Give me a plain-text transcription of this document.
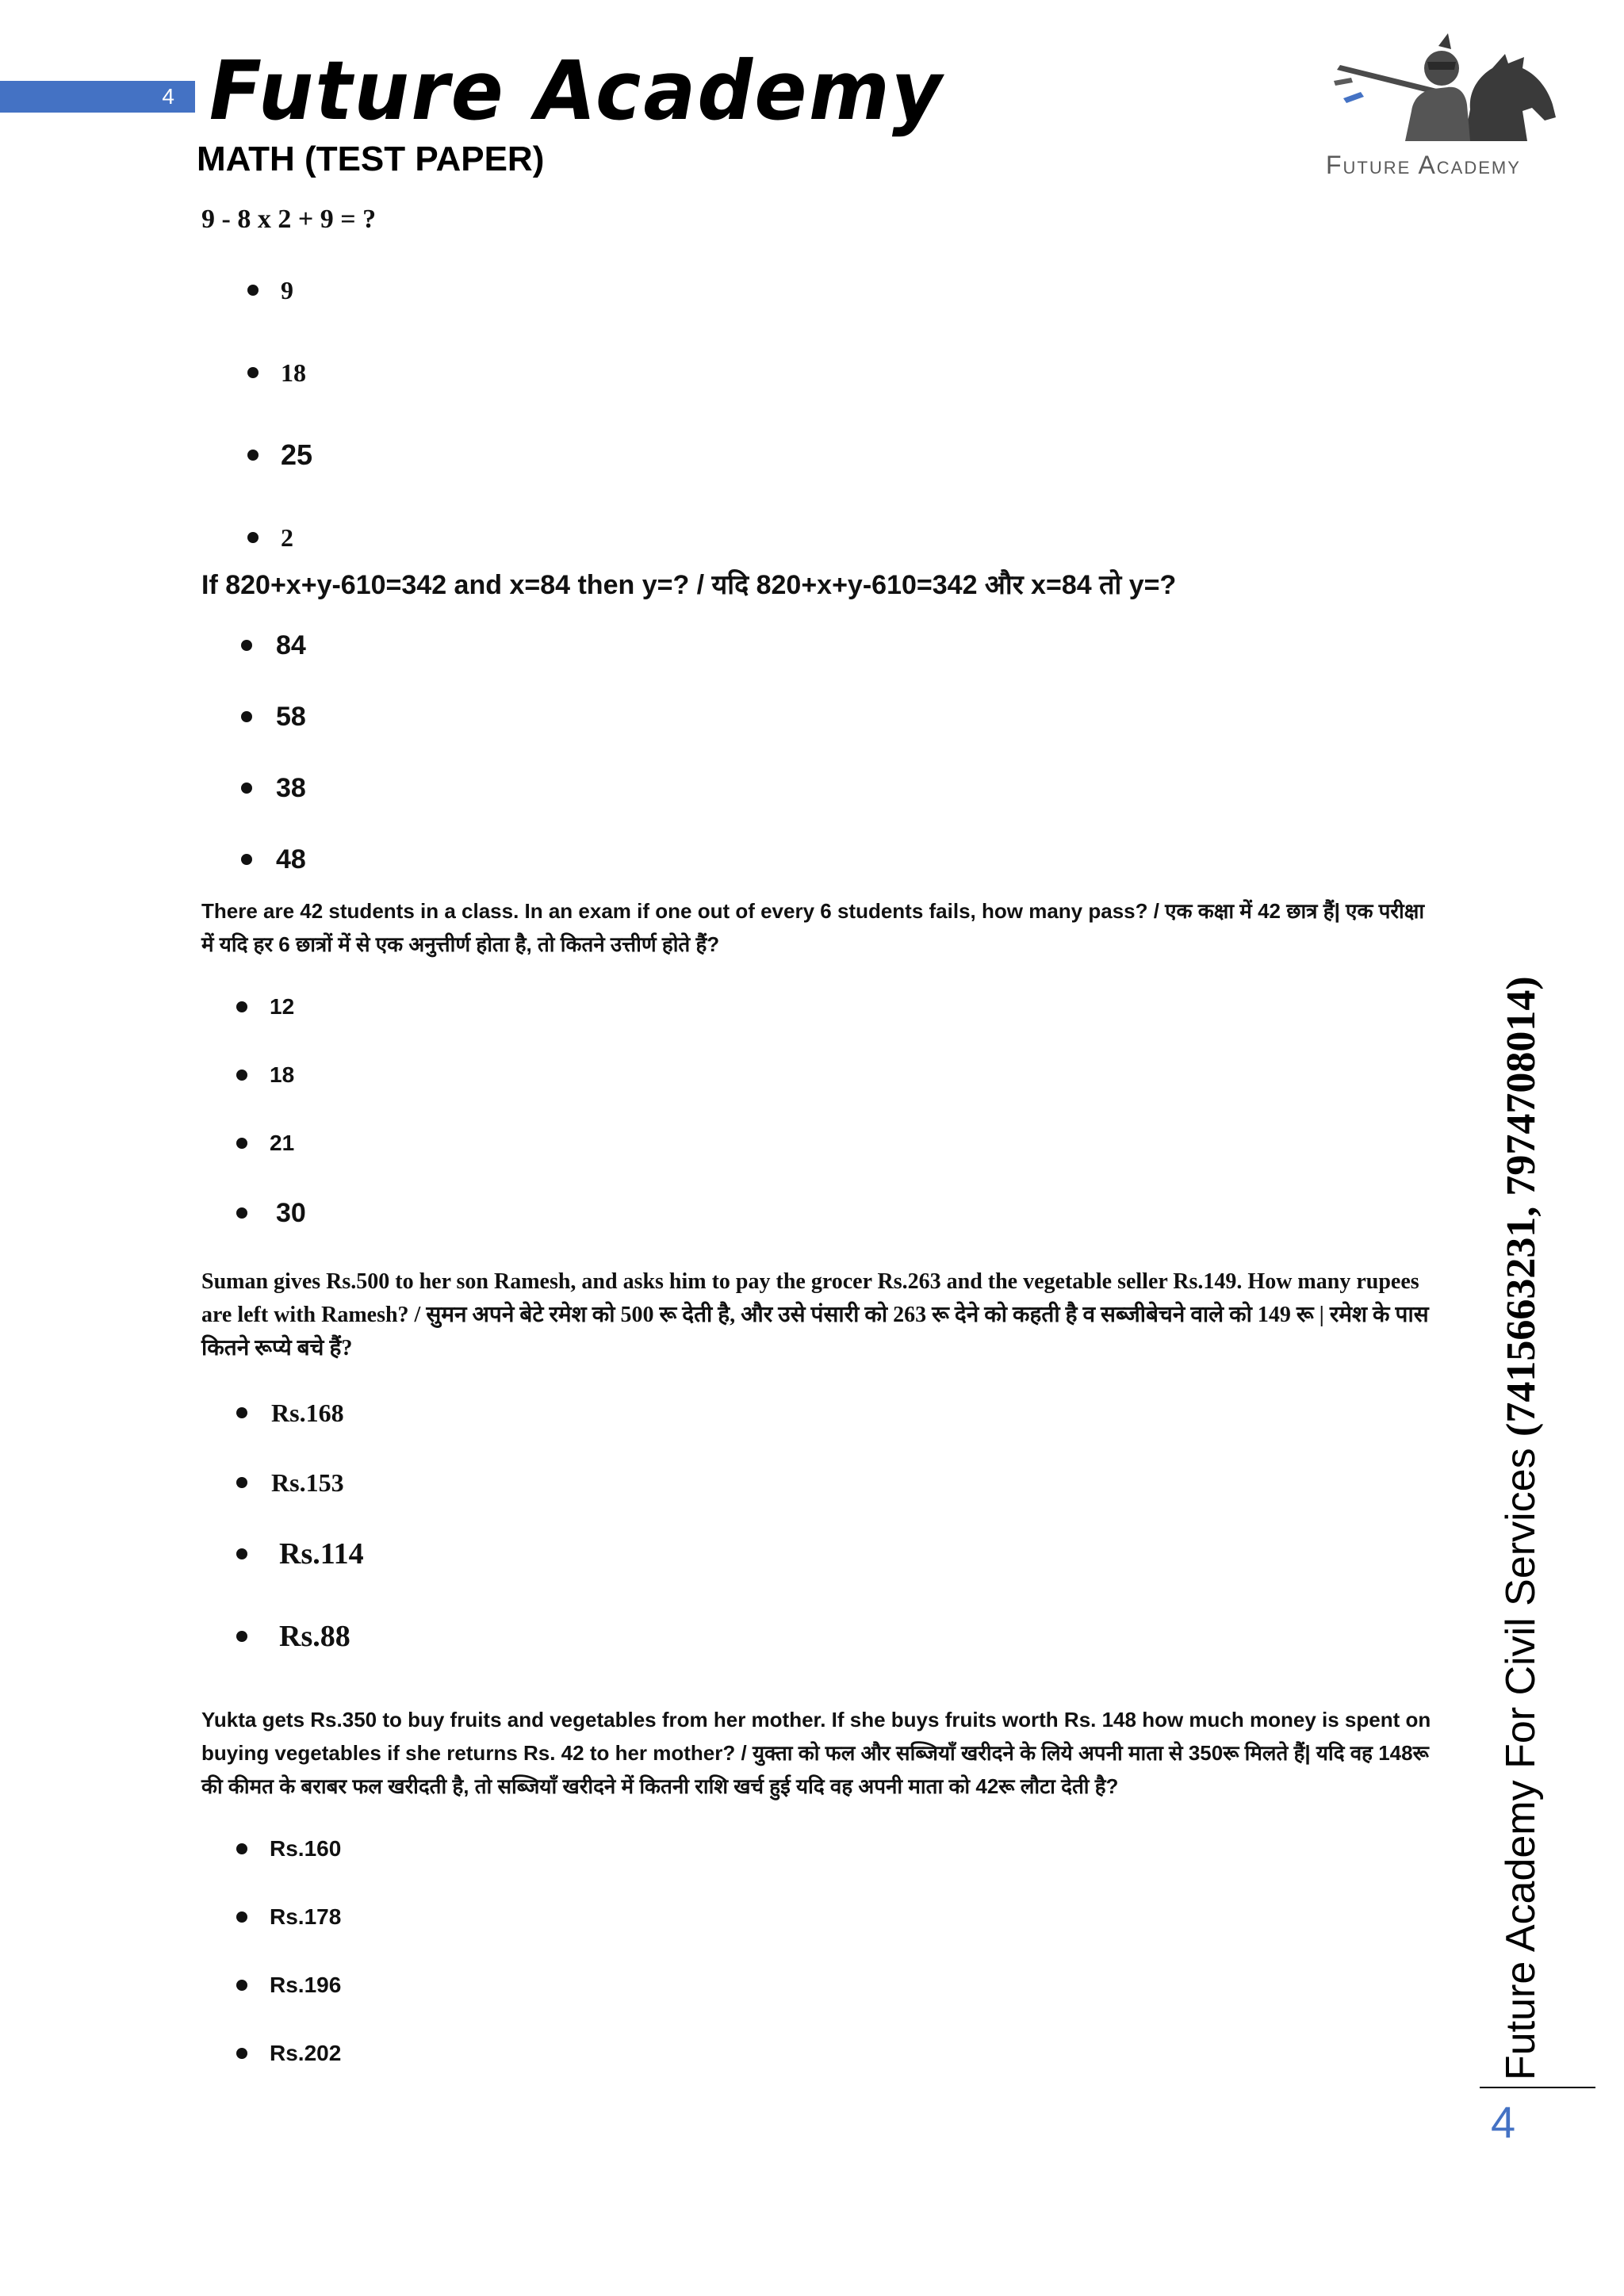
4 Future Academy
MATH (TEST PAPER)	Future Academy

9 - 8 x 2 + 9 = ?

9
18
25
2

If 820+x+y-610=342 and x=84 then y=? / यदि 820+x+y-610=342 और x=84 तो y=?

84
58
38
48

There are 42 students in a class. In an exam if one out of every 6 students fails, how many pass? / एक कक्षा में 42 छात्र हैं| एक परीक्षा में यदि हर 6 छात्रों में से एक अनुत्तीर्ण होता है, तो कितने उत्तीर्ण होते हैं?

12
18
21
30

Suman gives Rs.500 to her son Ramesh, and asks him to pay the grocer Rs.263 and the vegetable seller Rs.149. How many rupees are left with Ramesh? / सुमन अपने बेटे रमेश को 500 रू देती है, और उसे पंसारी को 263 रू देने को कहती है व सब्जीबेचने वाले को 149 रू | रमेश के पास कितने रूप्ये बचे हैं?

Rs.168
Rs.153
Rs.114
Rs.88

Yukta gets Rs.350 to buy fruits and vegetables from her mother. If she buys fruits worth Rs. 148 how much money is spent on buying vegetables if she returns Rs. 42 to her mother? / युक्ता को फल और सब्जियाँ खरीदने के लिये अपनी माता से 350रू मिलते हैं| यदि वह 148रू की कीमत के बराबर फल खरीदती है, तो सब्जियाँ खरीदने में कितनी राशि खर्च हुई यदि वह अपनी माता को 42रू लौटा देती है?

Rs.160
Rs.178
Rs.196
Rs.202	Future Academy For Civil Services (7415663231, 7974708014)
4
